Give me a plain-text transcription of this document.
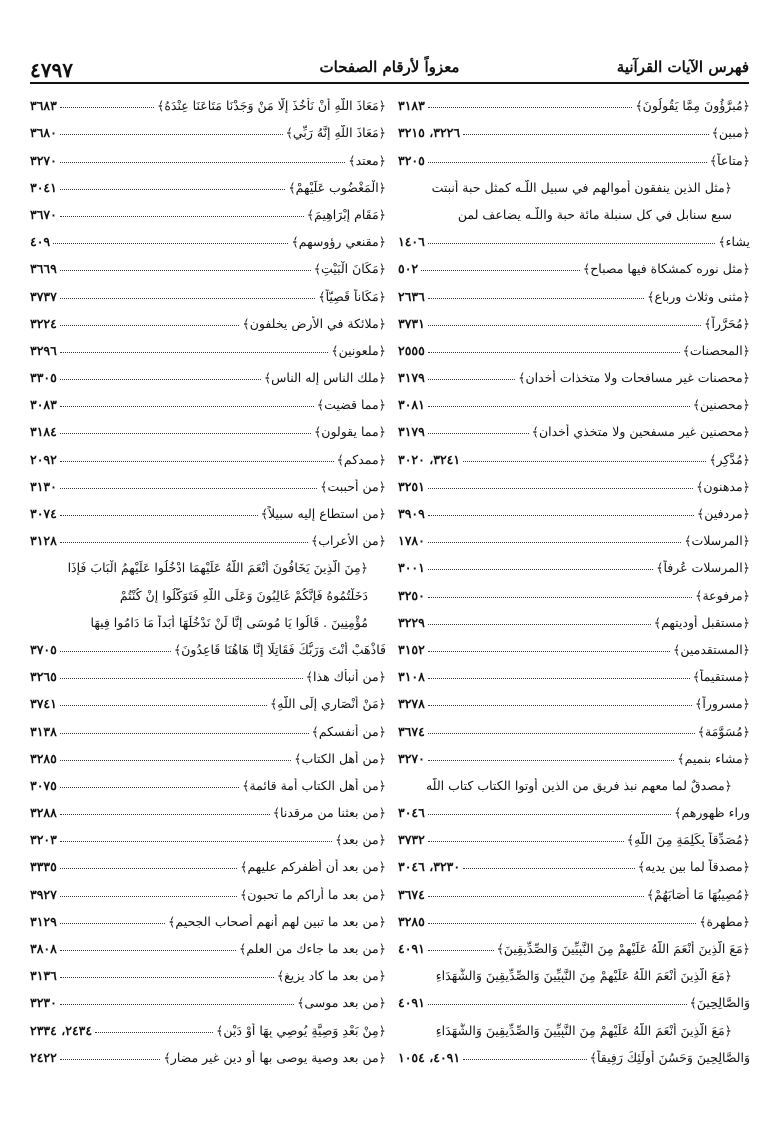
٤٧٩٧	معزواً لأرقام الصفحات	فهرس الآيات القرآنية
﴿مُبرَّؤُونَ مِمَّا يَقُولُونَ﴾
٣١٨٣
﴿مبين﴾
٣٢٢٦، ٣٢١٥
﴿متاعاً﴾
٣٢٠٥
﴿مثل الذين ينفقون أموالهم في سبيل اللّـه كمثل حبة أنبتت
سبع سنابل في كل سنبلة مائة حبة واللّـه يضاعف لمن
يشاء﴾
١٤٠٦
﴿مثل نوره كمشكاة فيها مصباح﴾
٥٠٢
﴿مثنى وثلاث ورباع﴾
٢٦٣٦
﴿مُحَرَّراً﴾
٣٧٣١
﴿المحصنات﴾
٢٥٥٥
﴿محصنات غير مسافحات ولا متخذات أخدان﴾
٣١٧٩
﴿محصنين﴾
٣٠٨١
﴿محصنين غير مسفحين ولا متخذي أخدان﴾
٣١٧٩
﴿مُدَّكِر﴾
٣٢٤١، ٣٠٢٠
﴿مدهنون﴾
٣٢٥١
﴿مردفين﴾
٣٩٠٩
﴿المرسلات﴾
١٧٨٠
﴿المرسلات عُرفاً﴾
٣٠٠١
﴿مرفوعة﴾
٣٢٥٠
﴿مستقبل أوديتهم﴾
٣٢٢٩
﴿المستقدمين﴾
٣١٥٢
﴿مستقيماً﴾
٣١٠٨
﴿مسروراً﴾
٣٢٧٨
﴿مُسَوَّمَة﴾
٣٦٧٤
﴿مشاء بنميم﴾
٣٢٧٠
﴿مصدقٌ لما معهم نبذ فريق من الذين أوتوا الكتاب كتاب اللّه
وراء ظهورهم﴾
٣٠٤٦
﴿مُصَدِّقاً بِكَلِمَةٍ مِنَ اللَّهِ﴾
٣٧٣٢
﴿مصدقاً لما بين يديه﴾
٣٢٣٠، ٣٠٤٦
﴿مُصِيبُهَا مَا أَصَابَهُمْ﴾
٣٦٧٤
﴿مطهرة﴾
٣٢٨٥
﴿مَعَ الَّذِينَ أَنْعَمَ اللَّهُ عَلَيْهِمْ مِنَ النَّبِيِّينَ وَالصِّدِّيقِينَ﴾
٤٠٩١
﴿مَعَ الَّذِينَ أَنْعَمَ اللَّهُ عَلَيْهِمْ مِنَ النَّبِيِّينَ وَالصِّدِّيقِينَ وَالشُّهَدَاءِ
وَالصَّالِحِينَ﴾
٤٠٩١
﴿مَعَ الَّذِينَ أَنْعَمَ اللَّهُ عَلَيْهِمْ مِنَ النَّبِيِّينَ وَالصِّدِّيقِينَ وَالشُّهَدَاءِ
وَالصَّالِحِينَ وَحَسُنَ أُولَئِكَ رَفِيقاً﴾
٤٠٩١، ١٠٥٤
﴿مَعَاذَ اللَّهِ أَنْ نَأْخُذَ إِلَّا مَنْ وَجَدْنَا مَتَاعَنَا عِنْدَهُ﴾
٣٦٨٣
﴿مَعَاذَ اللَّهِ إِنَّهُ رَبِّي﴾
٣٦٨٠
﴿معتد﴾
٣٢٧٠
﴿الْمَغْضُوبِ عَلَيْهِمْ﴾
٣٠٤١
﴿مَقَامِ إِبْرَاهِيمَ﴾
٣٦٧٠
﴿مقنعي رؤوسهم﴾
٤٠٩
﴿مَكَانَ الْبَيْتِ﴾
٣٦٦٩
﴿مَكَاناً قَصِيّاً﴾
٣٧٣٧
﴿ملائكة في الأرض يخلفون﴾
٣٢٢٤
﴿ملعونين﴾
٣٢٩٦
﴿ملك الناس إله الناس﴾
٣٣٠٥
﴿مما قضيت﴾
٣٠٨٣
﴿مما يقولون﴾
٣١٨٤
﴿ممدكم﴾
٢٠٩٢
﴿من أحببت﴾
٣١٣٠
﴿من استطاع إليه سبيلاً﴾
٣٠٧٤
﴿من الأعراب﴾
٣١٢٨
﴿مِنَ الَّذِينَ يَخَافُونَ أَنْعَمَ اللَّهُ عَلَيْهِمَا ادْخُلُوا عَلَيْهِمُ الْبَابَ فَإِذَا
دَخَلْتُمُوهُ فَإِنَّكُمْ غَالِبُونَ وَعَلَى اللَّهِ فَتَوَكَّلُوا إِنْ كُنْتُمْ
مُؤْمِنِينَ . قَالُوا يَا مُوسَى إِنَّا لَنْ نَدْخُلَهَا أَبَداً مَا دَامُوا فِيهَا
فَاذْهَبْ أَنْتَ وَرَبُّكَ فَقَاتِلَا إِنَّا هَاهُنَا قَاعِدُونَ﴾
٣٧٠٥
﴿من أنبأك هذا﴾
٣٢٦٥
﴿مَنْ أَنْصَارِي إِلَى اللَّهِ﴾
٣٧٤١
﴿من أنفسكم﴾
٣١٣٨
﴿من أهل الكتاب﴾
٣٢٨٥
﴿من أهل الكتاب أمة قائمة﴾
٣٠٧٥
﴿من بعثنا من مرقدنا﴾
٣٢٨٨
﴿من بعد﴾
٣٢٠٣
﴿من بعد أن أظفركم عليهم﴾
٣٣٣٥
﴿من بعد ما أراكم ما تحبون﴾
٣٩٢٧
﴿من بعد ما تبين لهم أنهم أصحاب الجحيم﴾
٣١٢٩
﴿من بعد ما جاءك من العلم﴾
٣٨٠٨
﴿من بعد ما كاد يزيغ﴾
٣١٣٦
﴿من بعد موسى﴾
٣٢٣٠
﴿مِنْ بَعْدِ وَصِيَّةٍ يُوصِي بِهَا أَوْ دَيْنٍ﴾
٢٤٣٤، ٢٣٣٤
﴿من بعد وصية يوصى بها أو دين غير مضار﴾
٢٤٢٢
